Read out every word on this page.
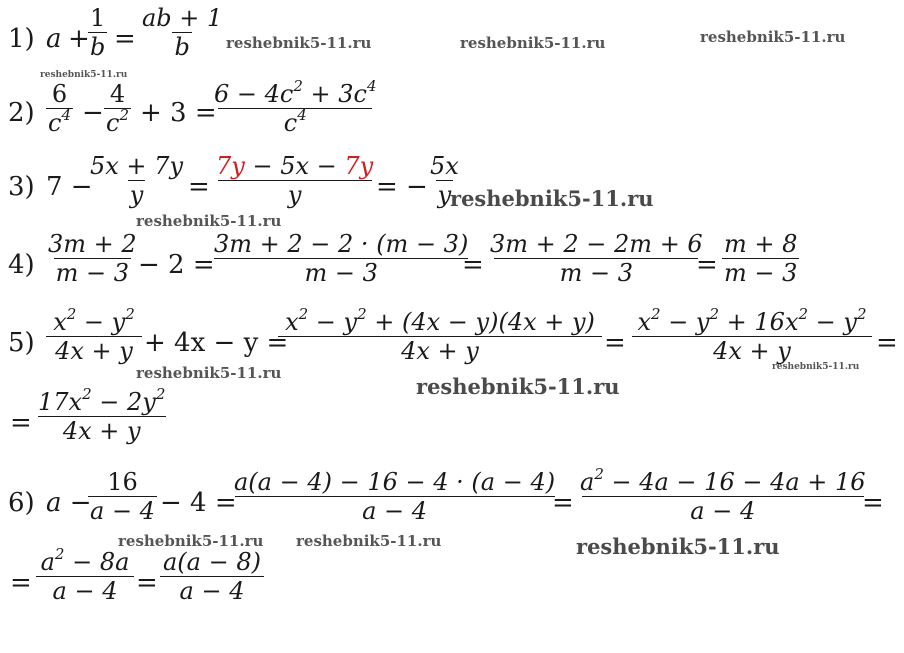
1) a +
$\frac{1}{b} = \frac{ab + 1}{b}$
$2) \frac{6}{c^4} - \frac{4}{c^2} + 3$ =
$\frac{6 - 4c^2 + 3c^4}{c^4}$
3) 7 −
$\frac{5x + 7y}{y} = \frac{7y - 5x - 7y}{y}$ = − $\frac{5x}{y}$
$4) \frac{3m + 2}{m - 3} - 2$ =
$\frac{3m + 2 - 2 \cdot (m - 3)}{m - 3}$
= $\frac{3m + 2 - 2m + 6}{m - 3}$
= $\frac{m + 8}{m - 3}$
$5) \frac{x^2 - y^2}{4x + y} + 4x - y$ =
$\frac{x^2 - y^2 + (4x - y)(4x + y)}{4x + y} = \frac{x^2 - y^2 + 16x^2 - y^2}{4x + y}$ =
= $\frac{17x^2 - 2y^2}{4x + y}$
6) a −
$\frac{16}{a - 4} - 4$ =
$\frac{a(a - 4) - 16 - 4 \cdot (a - 4)}{a - 4}$
= $\frac{a^2 - 4a - 16 - 4a + 16}{a - 4}$
=
= $\frac{a^2 - 8a}{a - 4} = \frac{a(a - 8)}{a - 4}$
reshebnik5-11.ru	reshebnik5-11.ru	reshebnik5-11.ru
reshebnik5-11.ru
reshebnik5-11.ru
reshebnik5-11.ru
reshebnik5-11.ru
reshebnik5-11.ru
reshebnik5-11.ru
reshebnik5-11.ru reshebnik5-11.ru	reshebnik5-11.ru
